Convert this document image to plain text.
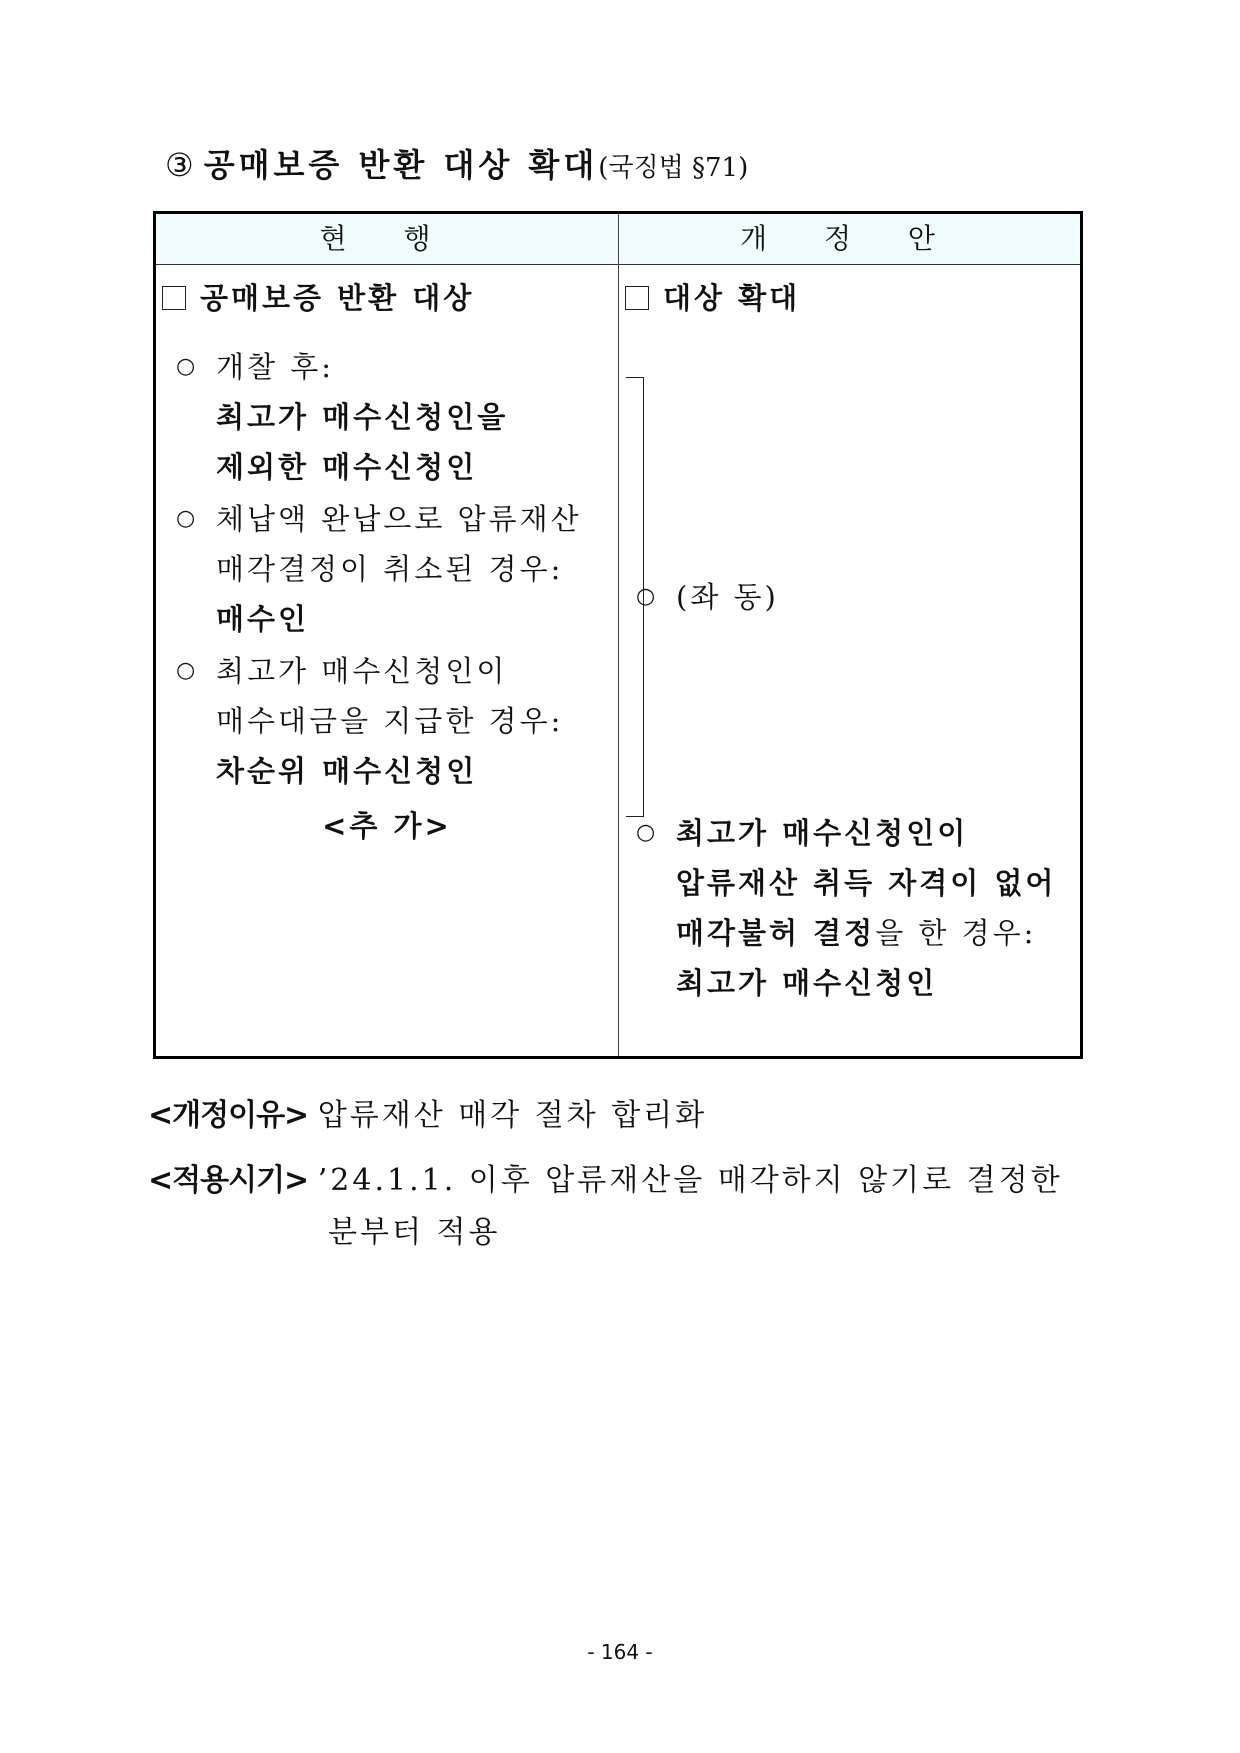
③ 공매보증 반환 대상 확대(국징법 §71)
현 행	개 정 안
공매보증 반환 대상
○ 개찰 후:
최고가 매수신청인을
제외한 매수신청인
○ 체납액 완납으로 압류재산
매각결정이 취소된 경우:
매수인
○ 최고가 매수신청인이
매수대금을 지급한 경우:
차순위 매수신청인
<추 가>
대상 확대
○ (좌 동)
○ 최고가 매수신청인이
압류재산 취득 자격이 없어
매각불허 결정을 한 경우:
최고가 매수신청인
<개정이유> 압류재산 매각 절차 합리화
<적용시기> ’24.1.1. 이후 압류재산을 매각하지 않기로 결정한
분부터 적용
- 164 -
